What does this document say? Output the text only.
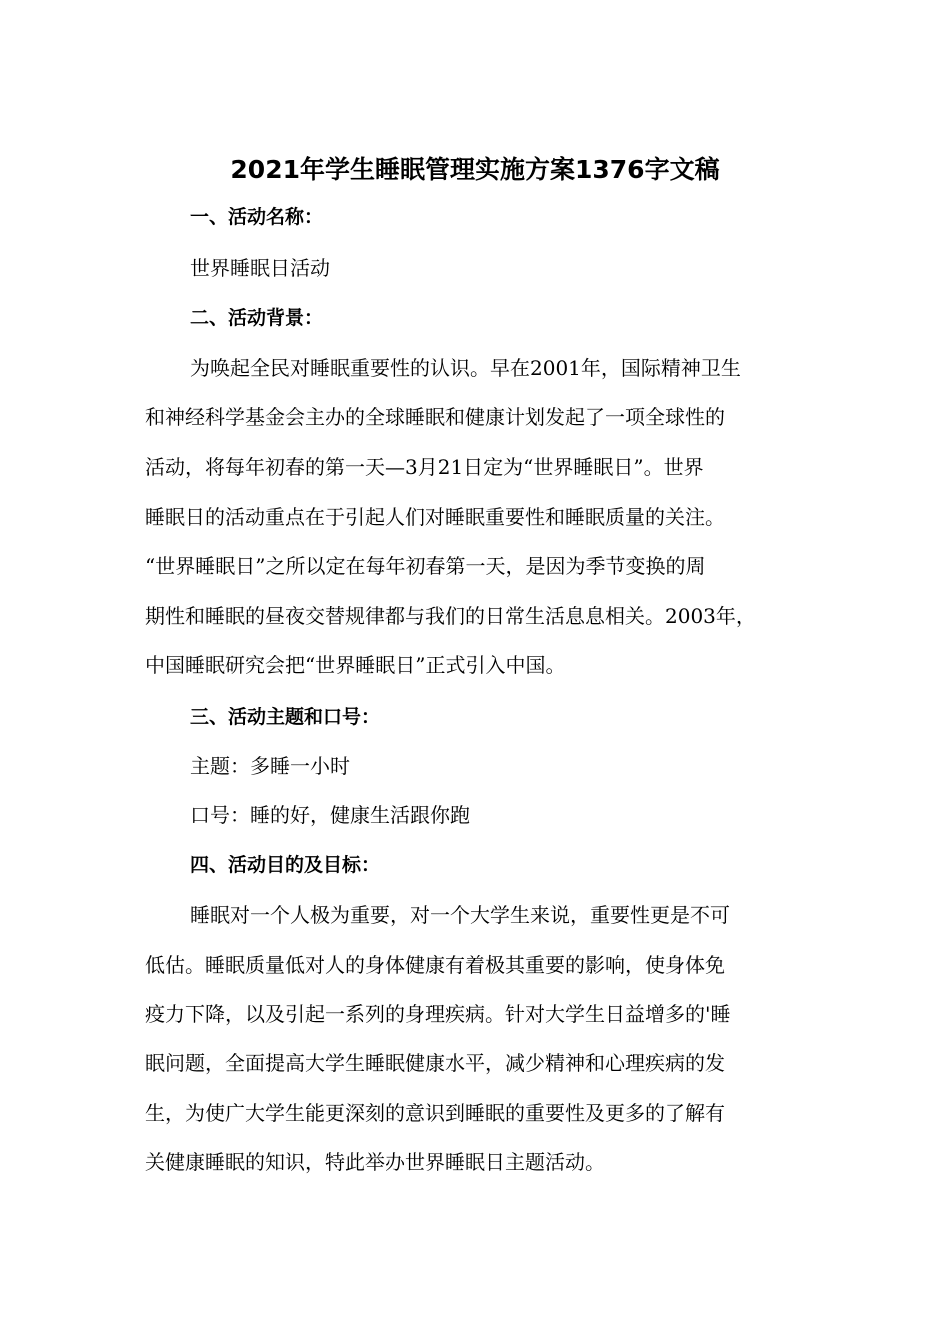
2021年学生睡眠管理实施方案1376字文稿
一、活动名称：
世界睡眠日活动
二、活动背景：
为唤起全民对睡眠重要性的认识。早在2001年，国际精神卫生
和神经科学基金会主办的全球睡眠和健康计划发起了一项全球性的
活动，将每年初春的第一天—3月21日定为“世界睡眠日”。世界
睡眠日的活动重点在于引起人们对睡眠重要性和睡眠质量的关注。
“世界睡眠日”之所以定在每年初春第一天，是因为季节变换的周
期性和睡眠的昼夜交替规律都与我们的日常生活息息相关。2003年，
中国睡眠研究会把“世界睡眠日”正式引入中国。
三、活动主题和口号：
主题：多睡一小时
口号：睡的好，健康生活跟你跑
四、活动目的及目标：
睡眠对一个人极为重要，对一个大学生来说，重要性更是不可
低估。睡眠质量低对人的身体健康有着极其重要的影响，使身体免
疫力下降，以及引起一系列的身理疾病。针对大学生日益增多的'睡
眠问题，全面提高大学生睡眠健康水平，减少精神和心理疾病的发
生，为使广大学生能更深刻的意识到睡眠的重要性及更多的了解有
关健康睡眠的知识，特此举办世界睡眠日主题活动。
